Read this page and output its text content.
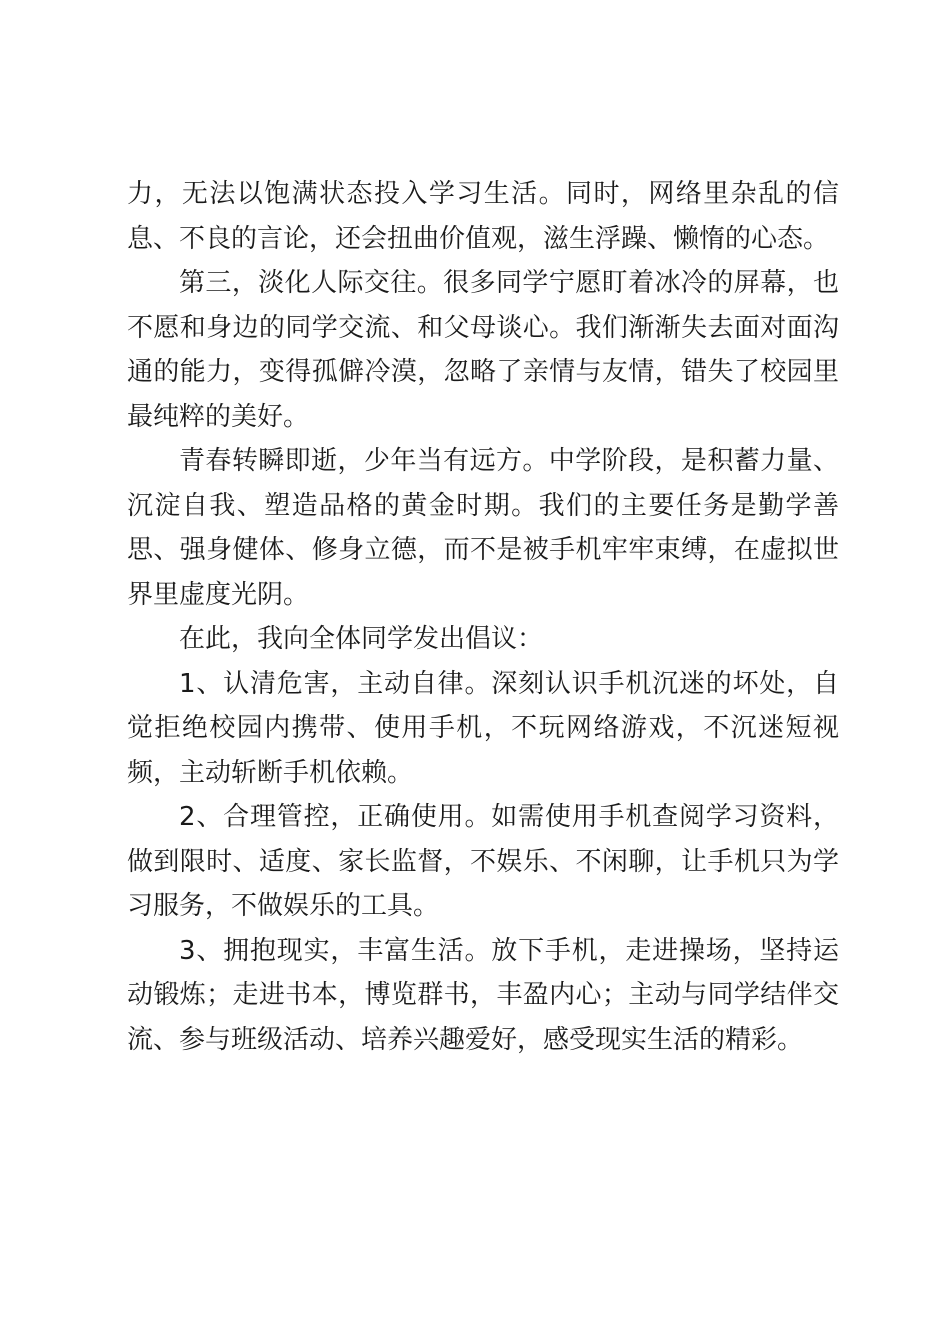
力，无法以饱满状态投入学习生活。同时，网络里杂乱的信息、不良的言论，还会扭曲价值观，滋生浮躁、懒惰的心态。

第三，淡化人际交往。很多同学宁愿盯着冰冷的屏幕，也不愿和身边的同学交流、和父母谈心。我们渐渐失去面对面沟通的能力，变得孤僻冷漠，忽略了亲情与友情，错失了校园里最纯粹的美好。

青春转瞬即逝，少年当有远方。中学阶段，是积蓄力量、沉淀自我、塑造品格的黄金时期。我们的主要任务是勤学善思、强身健体、修身立德，而不是被手机牢牢束缚，在虚拟世界里虚度光阴。

在此，我向全体同学发出倡议：

1、认清危害，主动自律。深刻认识手机沉迷的坏处，自觉拒绝校园内携带、使用手机，不玩网络游戏，不沉迷短视频，主动斩断手机依赖。

2、合理管控，正确使用。如需使用手机查阅学习资料，做到限时、适度、家长监督，不娱乐、不闲聊，让手机只为学习服务，不做娱乐的工具。

3、拥抱现实，丰富生活。放下手机，走进操场，坚持运动锻炼；走进书本，博览群书，丰盈内心；主动与同学结伴交流、参与班级活动、培养兴趣爱好，感受现实生活的精彩。
